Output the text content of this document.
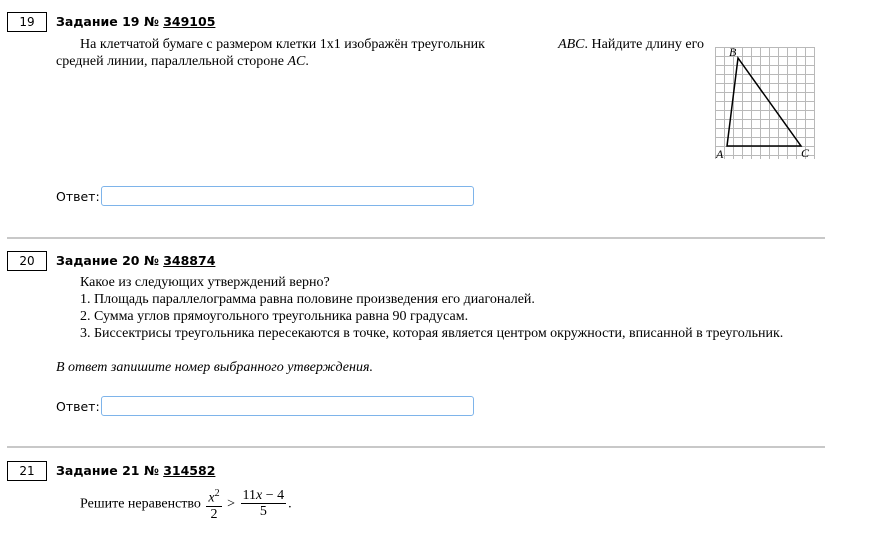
19	Задание 19 № 349105
На клетчатой бумаге с размером клетки 1x1 изображён треугольник	ABC. Найдите длину его
средней линии, параллельной стороне AC.
B
A	C
Ответ:
20	Задание 20 № 348874
Какое из следующих утверждений верно?
1. Площадь параллелограмма равна половине произведения его диагоналей.
2. Сумма углов прямоугольного треугольника равна 90 градусам.
3. Биссектрисы треугольника пересекаются в точке, которая является центром окружности, вписанной в треугольник.
В ответ запишите номер выбранного утверждения.
Ответ:
21	Задание 21 № 314582
Решите неравенство $\frac{x^2}{2} > \frac{11x - 4}{5}$ .
